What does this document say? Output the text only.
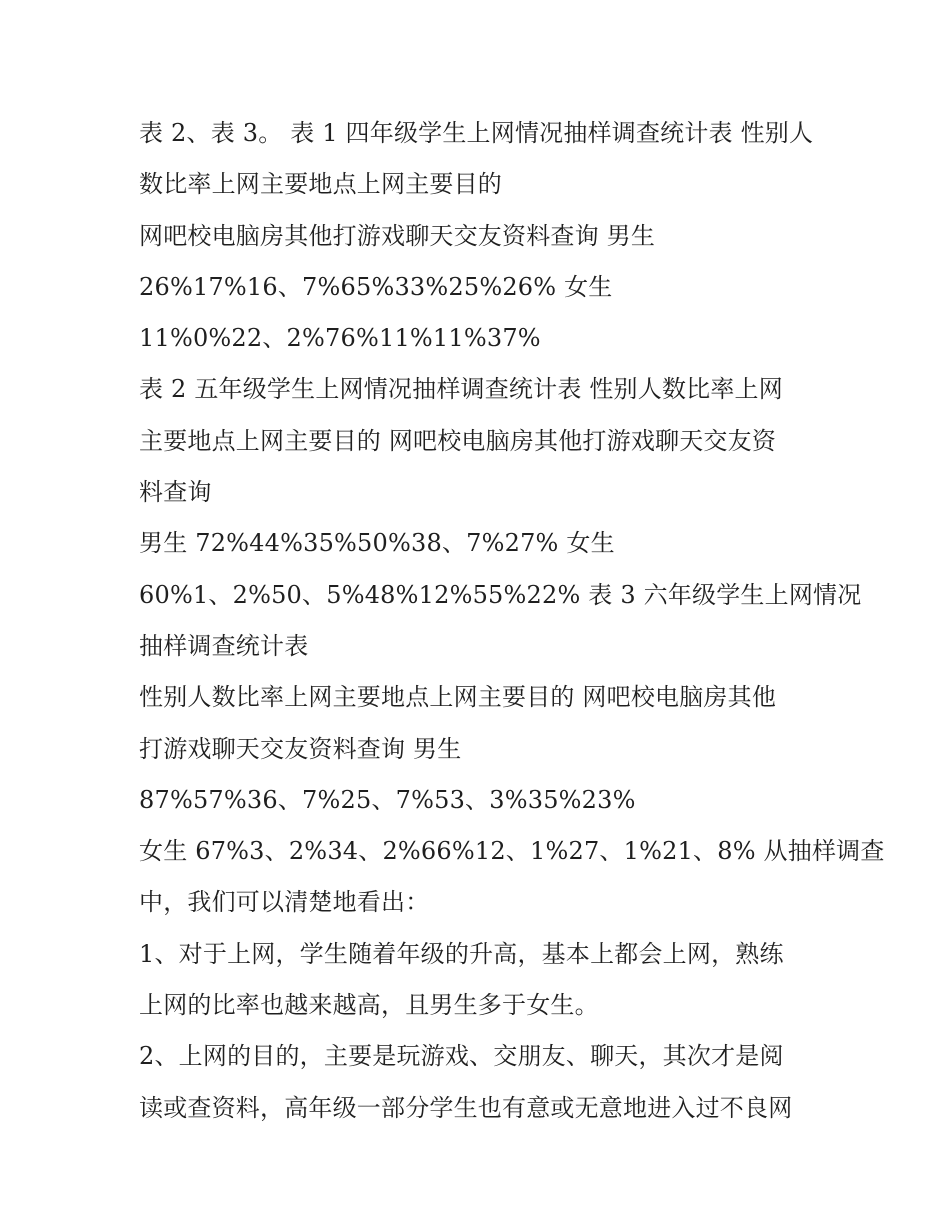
表 2、表 3。 表 1 四年级学生上网情况抽样调查统计表 性别人
数比率上网主要地点上网主要目的
网吧校电脑房其他打游戏聊天交友资料查询 男生
26%17%16、7%65%33%25%26% 女生
11%0%22、2%76%11%11%37%
表 2 五年级学生上网情况抽样调查统计表 性别人数比率上网
主要地点上网主要目的 网吧校电脑房其他打游戏聊天交友资
料查询
男生 72%44%35%50%38、7%27% 女生
60%1、2%50、5%48%12%55%22% 表 3 六年级学生上网情况
抽样调查统计表
性别人数比率上网主要地点上网主要目的 网吧校电脑房其他
打游戏聊天交友资料查询 男生
87%57%36、7%25、7%53、3%35%23%
女生 67%3、2%34、2%66%12、1%27、1%21、8% 从抽样调查
中，我们可以清楚地看出：
1、对于上网，学生随着年级的升高，基本上都会上网，熟练
上网的比率也越来越高，且男生多于女生。
2、上网的目的，主要是玩游戏、交朋友、聊天，其次才是阅
读或查资料，高年级一部分学生也有意或无意地进入过不良网
